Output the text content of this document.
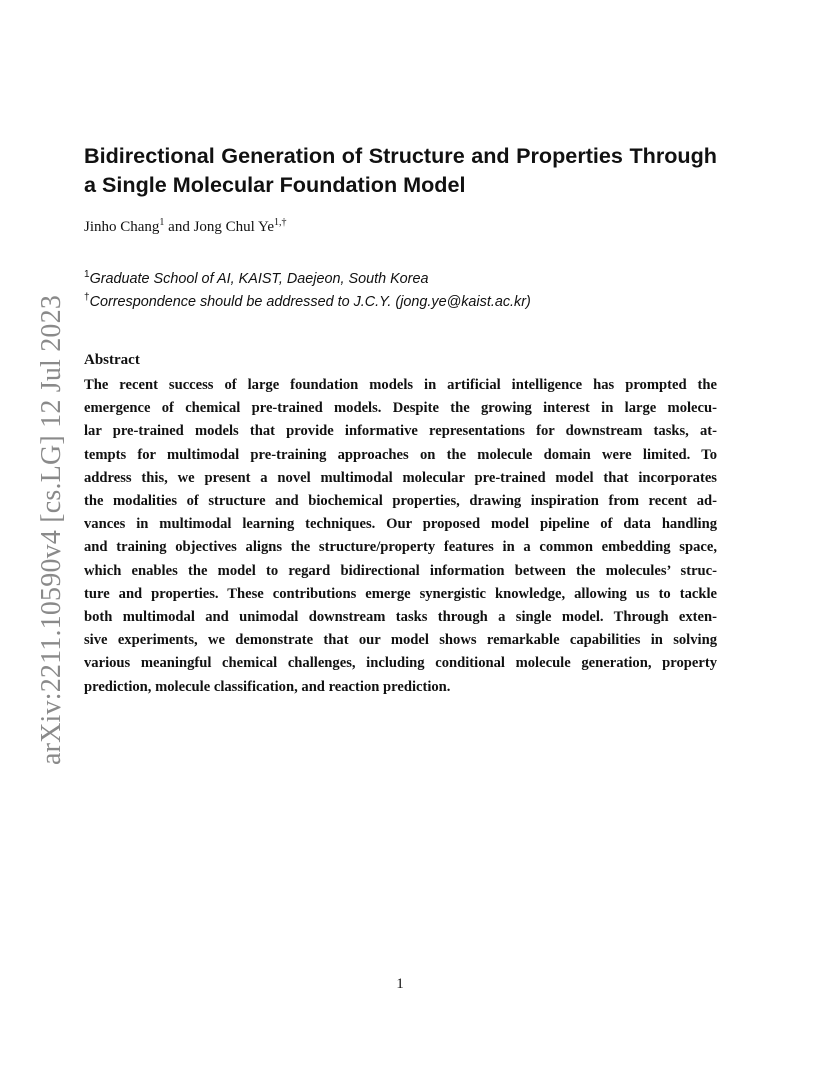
arXiv:2211.10590v4 [cs.LG] 12 Jul 2023
Bidirectional Generation of Structure and Properties Through a Single Molecular Foundation Model

Jinho Chang$^1$ and Jong Chul $Ye^{1,\dagger}$

$^1$Graduate School of AI, KAIST, Daejeon, South Korea

†Correspondence should be addressed to J.C.Y. (jong.ye@kaist.ac.kr)

Abstract

The recent success of large foundation models in artificial intelligence has prompted the
emergence of chemical pre-trained models. Despite the growing interest in large molecu-
lar pre-trained models that provide informative representations for downstream tasks, at-
tempts for multimodal pre-training approaches on the molecule domain were limited. To
address this, we present a novel multimodal molecular pre-trained model that incorporates
the modalities of structure and biochemical properties, drawing inspiration from recent ad-
vances in multimodal learning techniques. Our proposed model pipeline of data handling
and training objectives aligns the structure/property features in a common embedding space,
which enables the model to regard bidirectional information between the molecules’ struc-
ture and properties. These contributions emerge synergistic knowledge, allowing us to tackle
both multimodal and unimodal downstream tasks through a single model. Through exten-
sive experiments, we demonstrate that our model shows remarkable capabilities in solving
various meaningful chemical challenges, including conditional molecule generation, property
prediction, molecule classification, and reaction prediction.

1
